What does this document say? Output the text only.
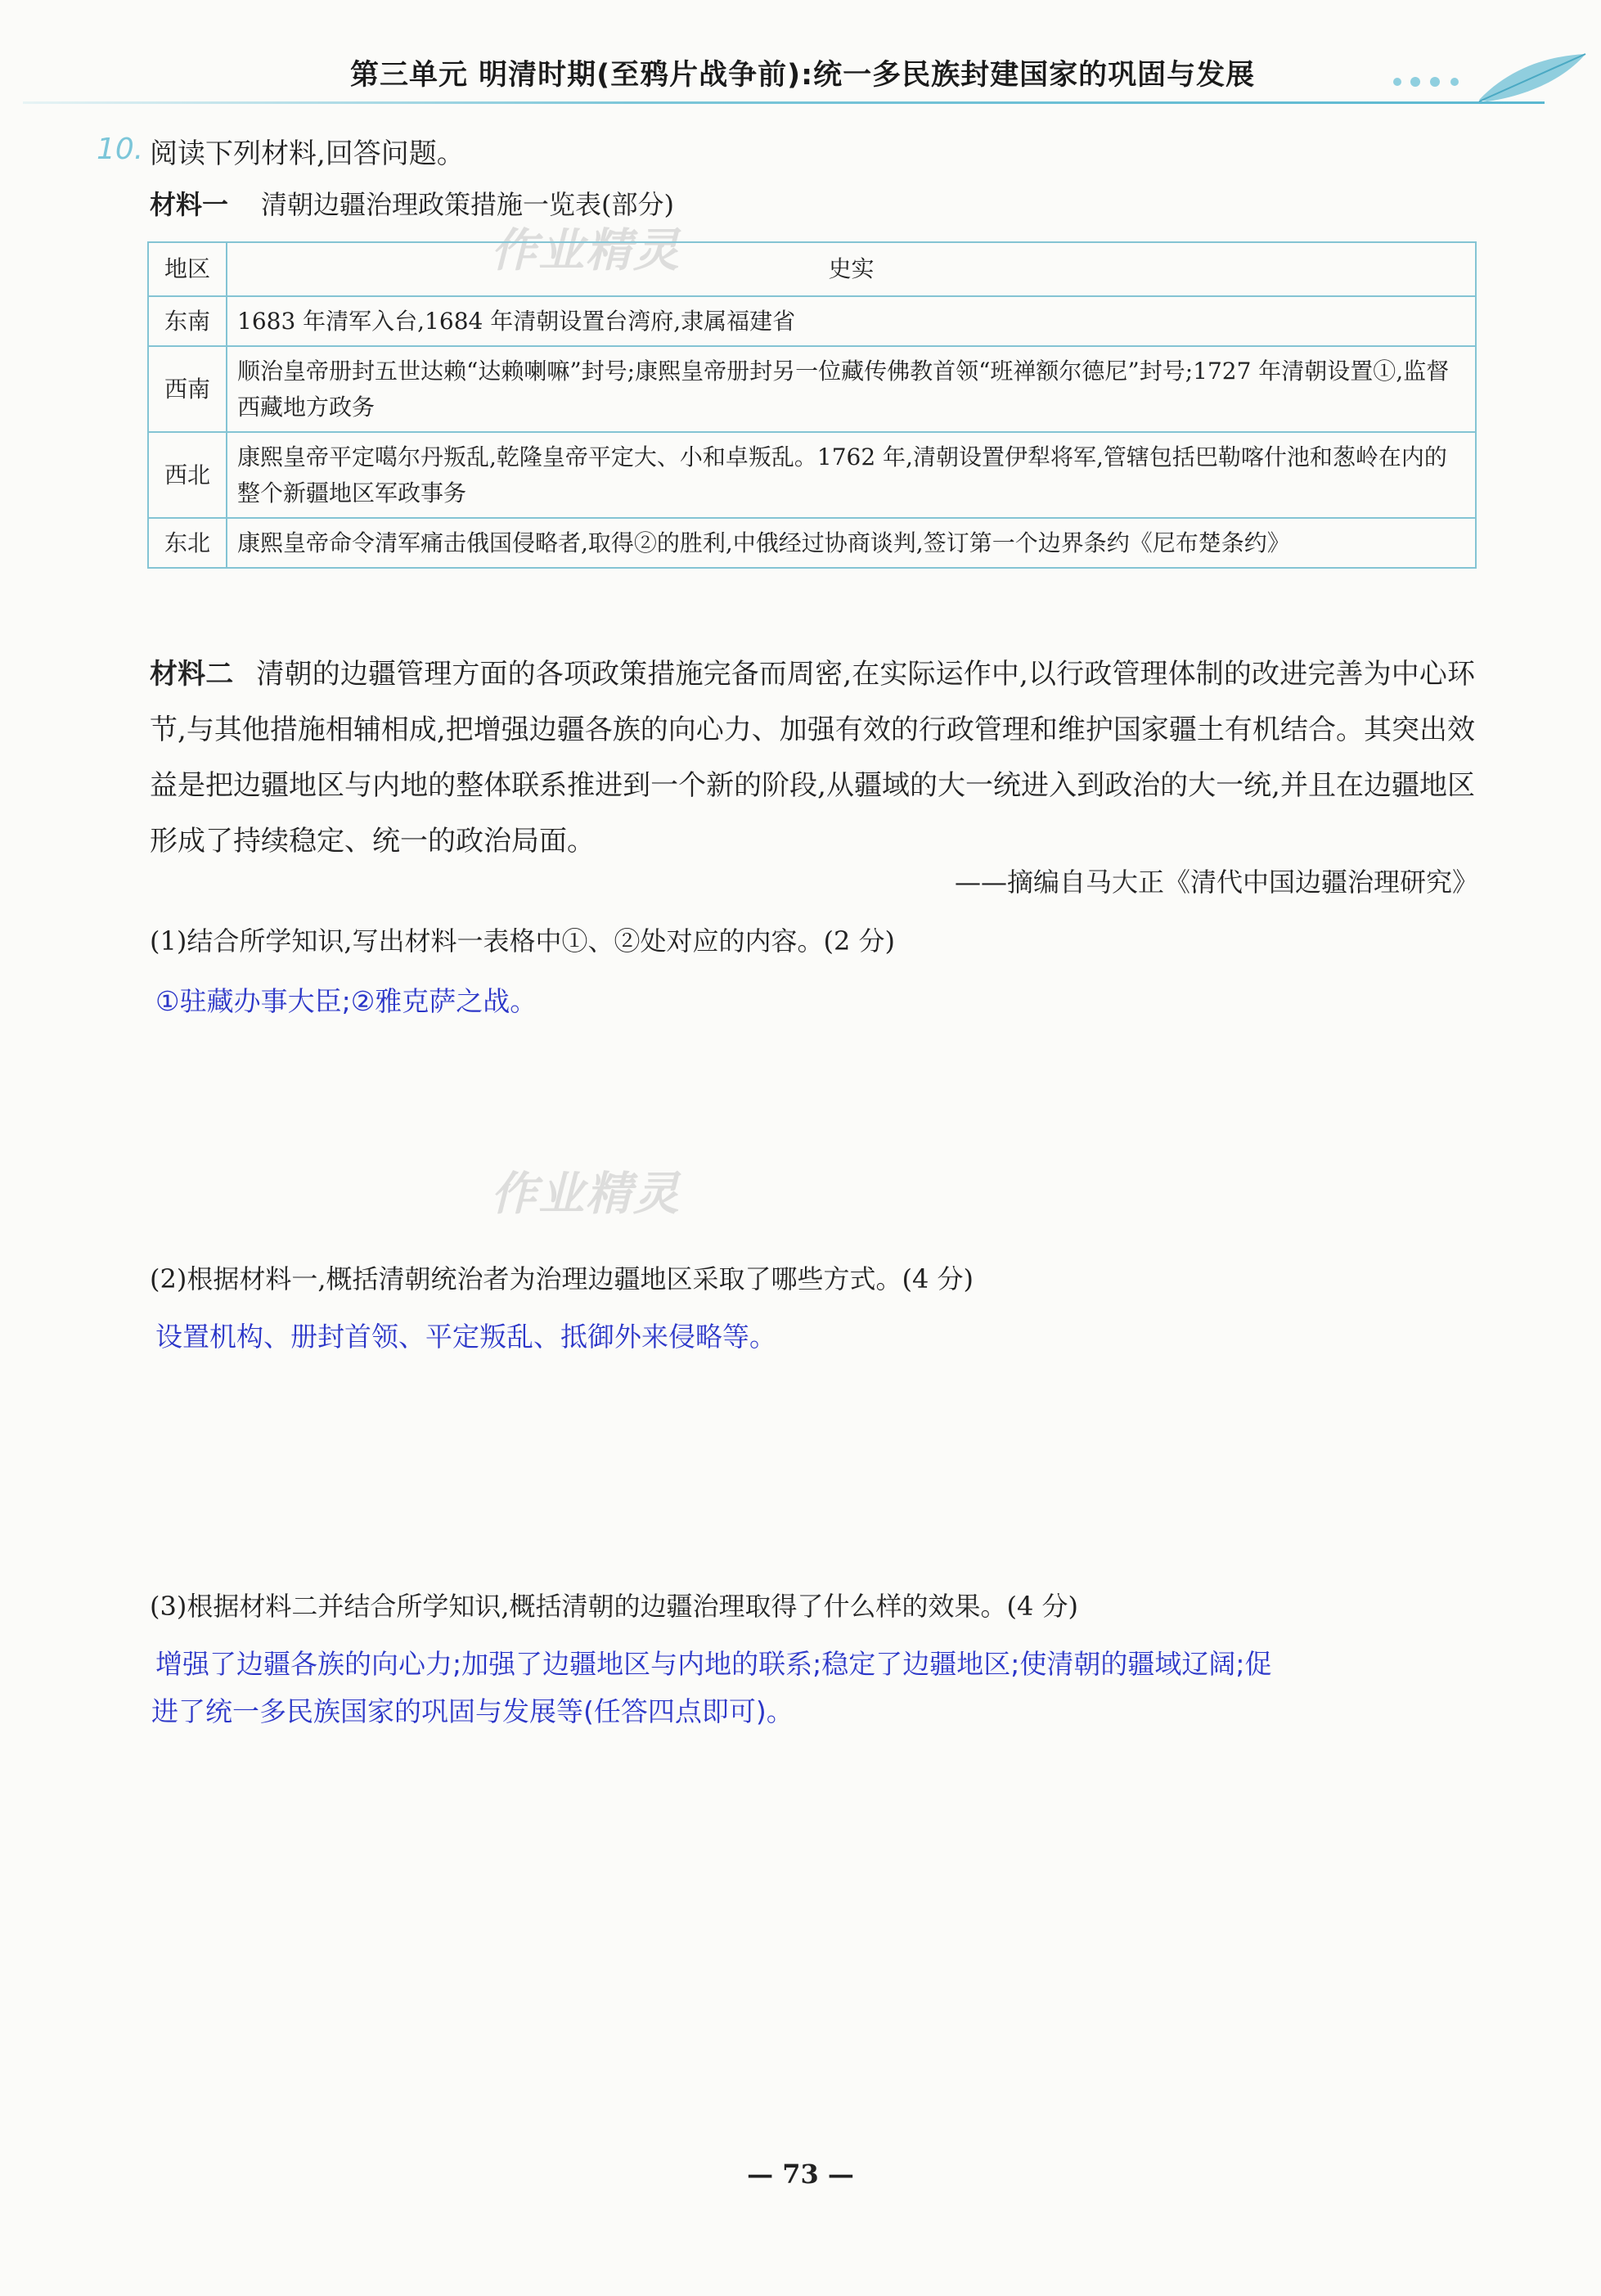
第三单元 明清时期(至鸦片战争前):统一多民族封建国家的巩固与发展
10. 阅读下列材料,回答问题。
材料一 清朝边疆治理政策措施一览表(部分)
作业精灵
地区	史实
东南	1683 年清军入台,1684 年清朝设置台湾府,隶属福建省
西南	顺治皇帝册封五世达赖“达赖喇嘛”封号;康熙皇帝册封另一位藏传佛教首领“班禅额尔德尼”封号;1727 年清朝设置①,监督西藏地方政务
西北	康熙皇帝平定噶尔丹叛乱,乾隆皇帝平定大、小和卓叛乱。1762 年,清朝设置伊犁将军,管辖包括巴勒喀什池和葱岭在内的整个新疆地区军政事务
东北	康熙皇帝命令清军痛击俄国侵略者,取得②的胜利,中俄经过协商谈判,签订第一个边界条约《尼布楚条约》
材料二 清朝的边疆管理方面的各项政策措施完备而周密,在实际运作中,以行政管理体制的改进完善为中心环节,与其他措施相辅相成,把增强边疆各族的向心力、加强有效的行政管理和维护国家疆土有机结合。其突出效益是把边疆地区与内地的整体联系推进到一个新的阶段,从疆域的大一统进入到政治的大一统,并且在边疆地区形成了持续稳定、统一的政治局面。
——摘编自马大正《清代中国边疆治理研究》
(1)结合所学知识,写出材料一表格中①、②处对应的内容。(2 分)
①驻藏办事大臣;②雅克萨之战。
作业精灵
(2)根据材料一,概括清朝统治者为治理边疆地区采取了哪些方式。(4 分)
设置机构、册封首领、平定叛乱、抵御外来侵略等。
(3)根据材料二并结合所学知识,概括清朝的边疆治理取得了什么样的效果。(4 分)
增强了边疆各族的向心力;加强了边疆地区与内地的联系;稳定了边疆地区;使清朝的疆域辽阔;促
进了统一多民族国家的巩固与发展等(任答四点即可)。
— 73 —
